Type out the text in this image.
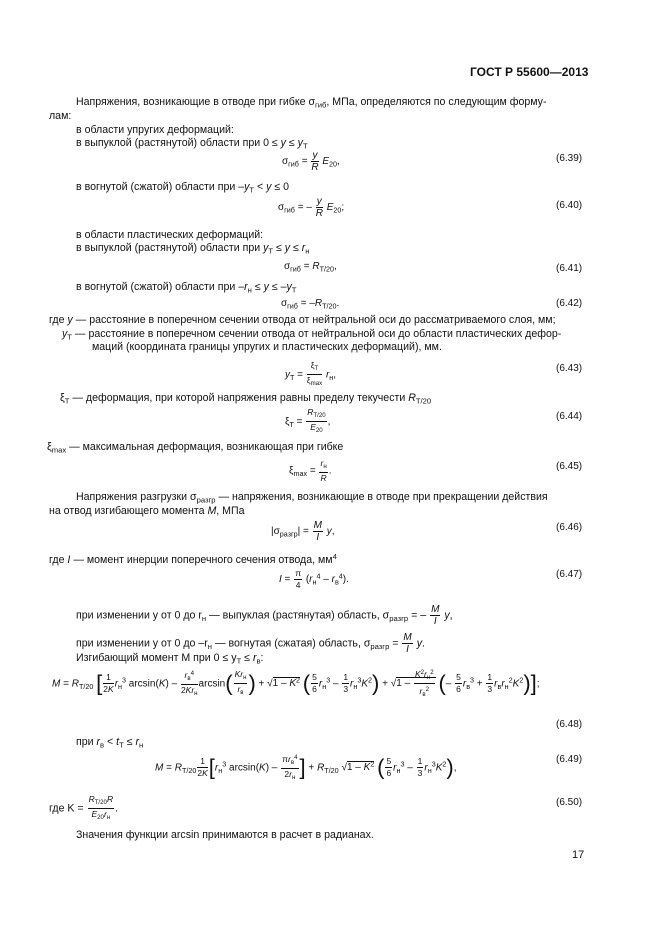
ГОСТ Р 55600—2013
Напряжения, возникающие в отводе при гибке $\sigma_{гиб}$, МПа, определяются по следующим форму-
лам:
в области упругих деформаций:
в выпуклой (растянутой) области при $0 \le y \le y_Т$
$\sigma_{гиб} = \frac{y}{R} E_{20}$,	(6.39)
в вогнутой (сжатой) области при $-y_Т < y \le 0$
$\sigma_{гиб}$ = – $\frac{y}{R} E_{20}$;	(6.40)
в области пластических деформаций:
в выпуклой (растянутой) области при $y_Т \le y \le r_н$
$\sigma_{гиб} = R_{Т/20}$,	(6.41)
в вогнутой (сжатой) области при $-r_н \le y \le -y_Т$
$\sigma_{гиб} = -R_{Т/20}$.	(6.42)
где y — расстояние в поперечном сечении отвода от нейтральной оси до рассматриваемого слоя, мм;
$y_Т$ — расстояние в поперечном сечении отвода от нейтральной оси до области пластических дефор-
маций (координата границы упругих и пластических деформаций), мм.
$y_Т = \frac{\xi_Т}{\xi_{max}} r_н$,
(6.43)
$\xi_Т$ — деформация, при которой напряжения равны пределу текучести $R_{Т/20}$
$\xi_Т = \frac{R_{Т/20}}{E_{20}}$ ,	(6.44)
$\xi_{max}$ — максимальная деформация, возникающая при гибке
$\xi_{max} = \frac{r_н}{R}$ .	(6.45)
Напряжения разгрузки $\sigma_{разгр}$ — напряжения, возникающие в отводе при прекращении действия
на отвод изгибающего момента M, МПа
$|\sigma_{разгр}| = \frac{M}{I} y$,	(6.46)
где I — момент инерции поперечного сечения отвода, $мм^4$
$I = \frac{\pi}{4} (r_н^4 - r_в^4)$.	(6.47)
при изменении y от 0 до $r_н$ — выпуклая (растянутая) область, $\sigma_{разгр}$ = – $\frac{M}{I} y$,
при изменении y от 0 до $-r_н$ — вогнутая (сжатая) область, $\sigma_{разгр} = \frac{M}{I} y$.
Изгибающий момент M при $0 \le y_Т \le r_в$:
$M = R_{Т/20}$ [ $\frac{1}{2K} r_н^3$ $\arcsin(K) - \frac{r_в^4}{2Kr_н} \arcsin( \frac{Kr_н}{r_в}$ ) + $√1 - K^2$ ( $\frac{5}{6} r_н^3 - \frac{1}{3} r_н^3K^2) + √1 - \frac{K^2r_н^2}{r_в^2}$ (– $\frac{5}{6} r_в^3 + \frac{1}{3} r_вr_н^2K^2$)];
(6.48)
при $r_в < t_Т \le r_н$
$M = R_{Т/20} \frac{1}{2K} [r_н^3$ $\arcsin(K) - \frac{\pi r_в^4}{2r_н}$ ] + $R_{Т/20}$ $√1 - K^2$ ( $\frac{5}{6} r_н^3 - \frac{1}{3} r_н^3K^2$),
(6.49)
где $K = \frac{R_{Т/20}R}{E_{20}r_н}$ .	(6.50)
Значения функции arcsin принимаются в расчет в радианах.
17
